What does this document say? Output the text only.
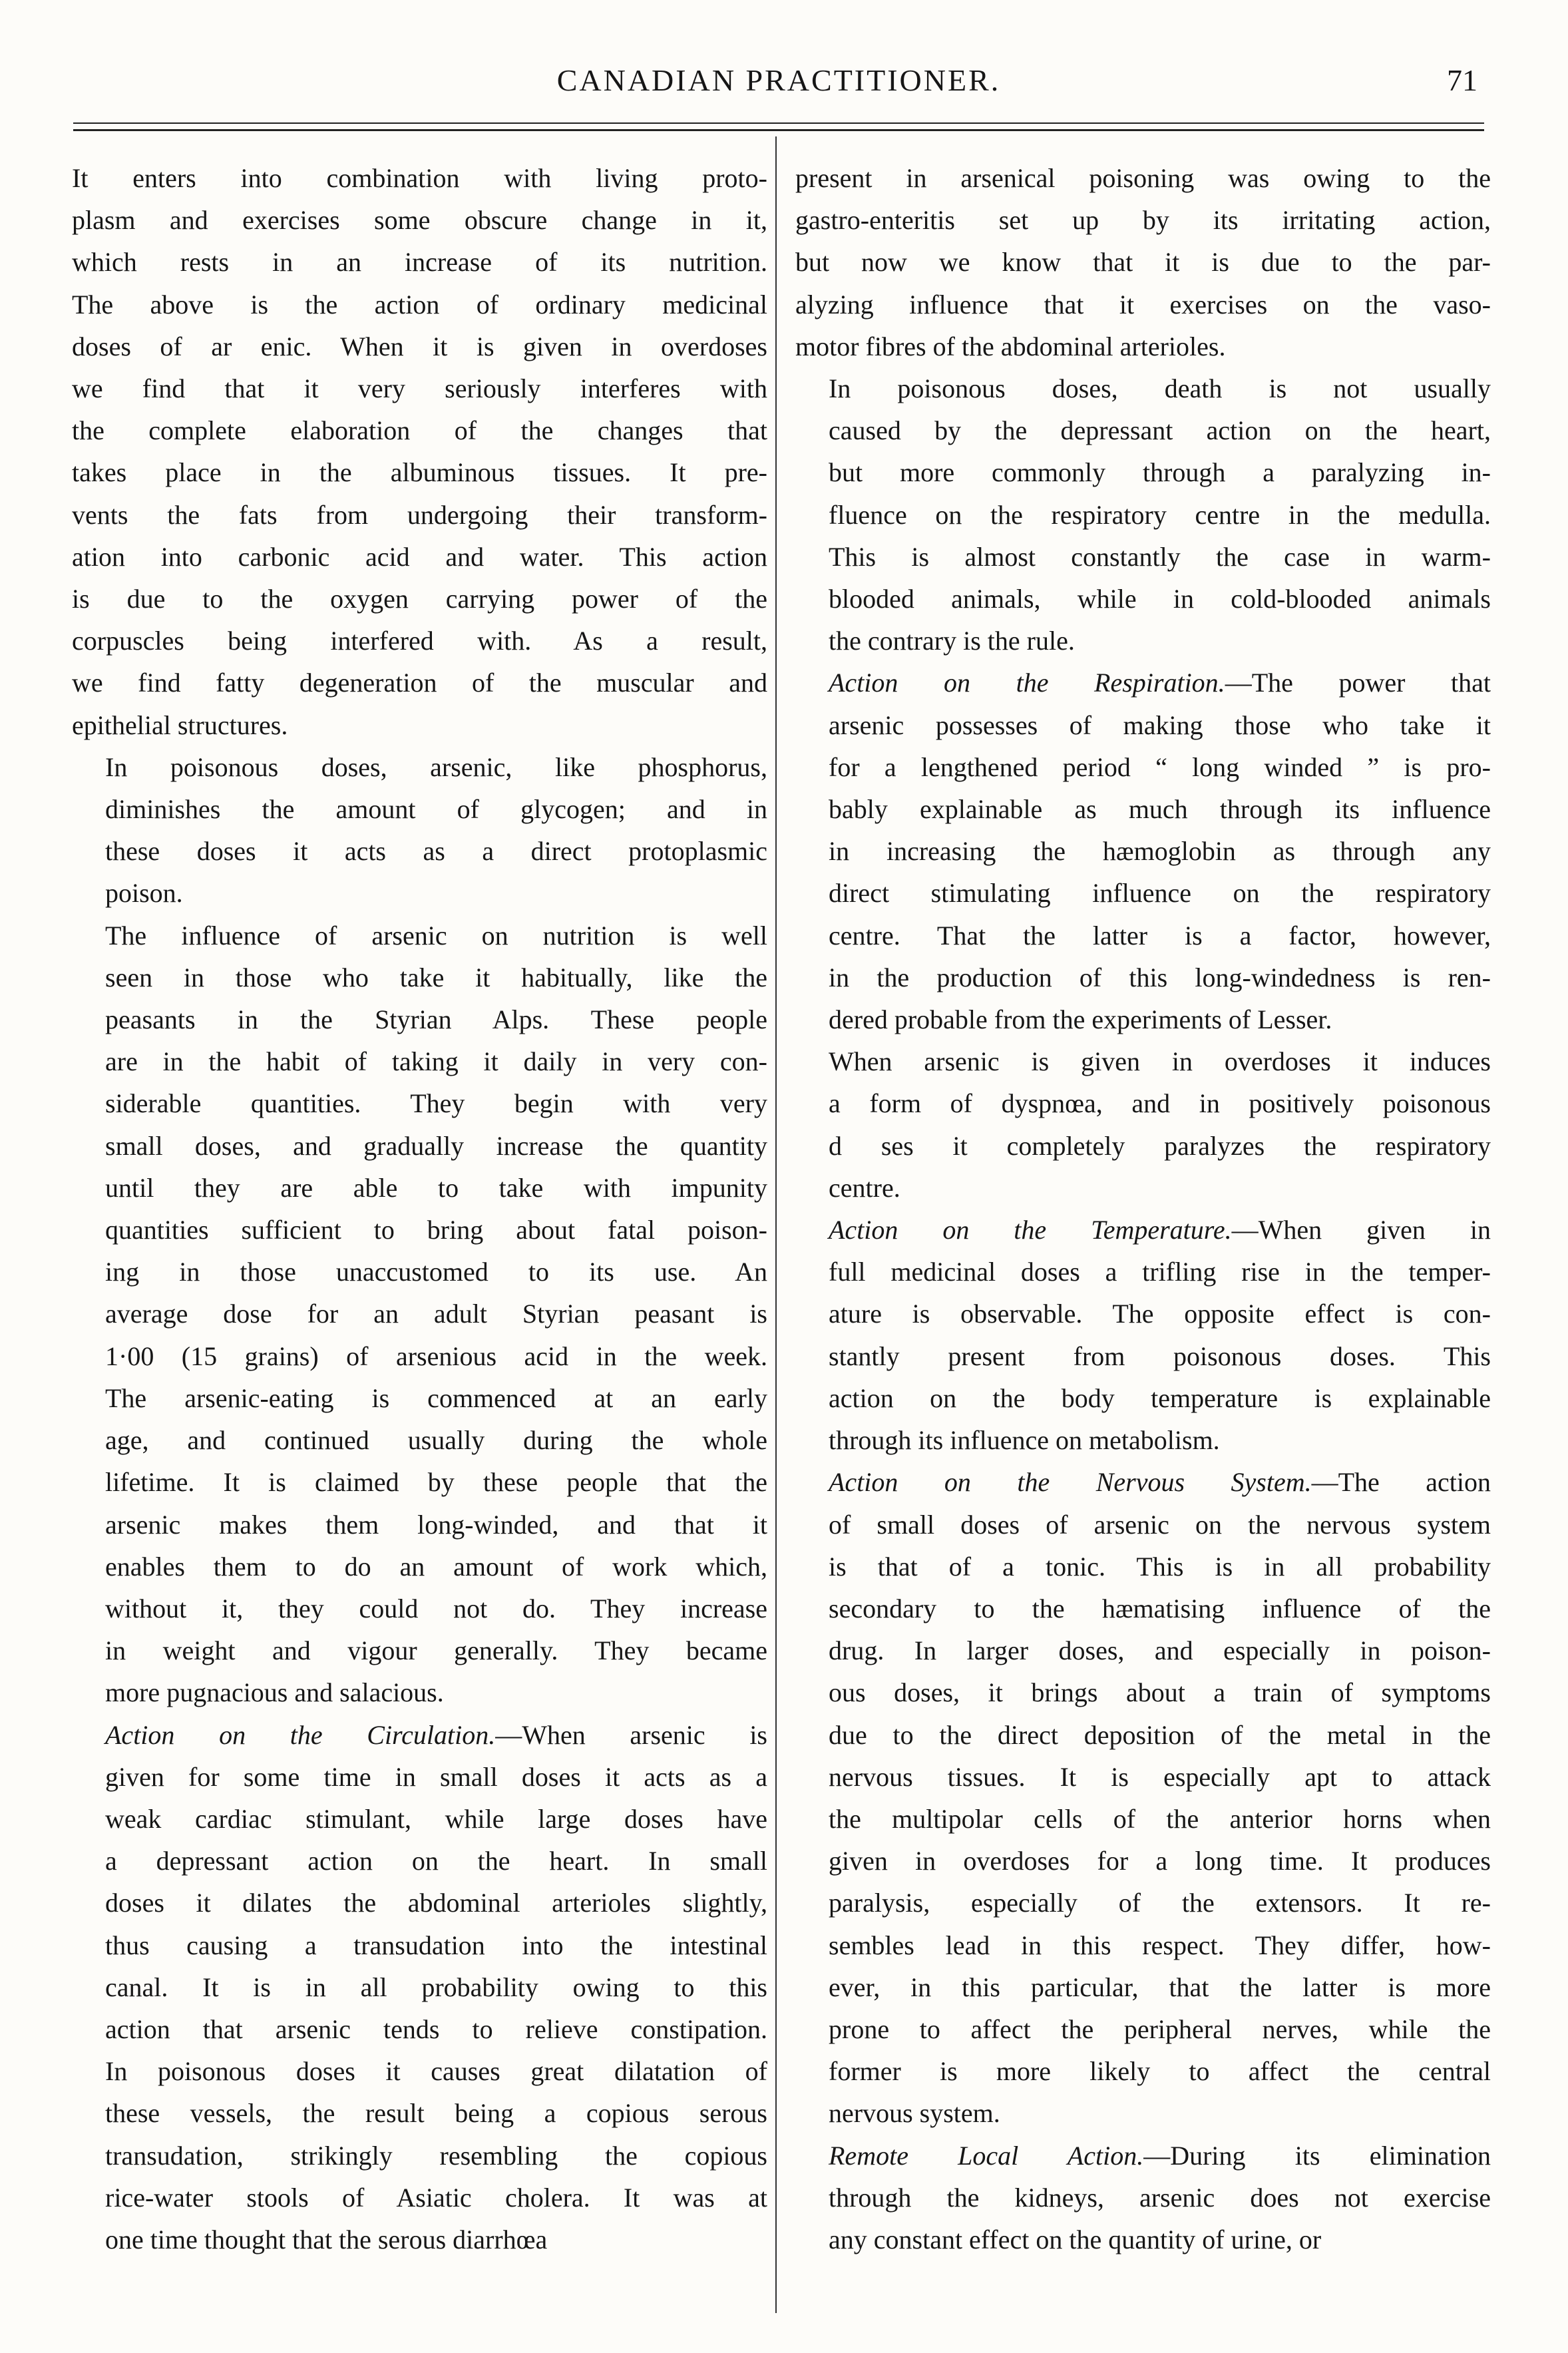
CANADIAN PRACTITIONER.	71

It enters into combination with living proto-
plasm and exercises some obscure change in it,
which rests in an increase of its nutrition.
The above is the action of ordinary medicinal
doses of ar enic. When it is given in overdoses
we find that it very seriously interferes with
the complete elaboration of the changes that
takes place in the albuminous tissues. It pre-
vents the fats from undergoing their transform-
ation into carbonic acid and water. This action
is due to the oxygen carrying power of the
corpuscles being interfered with. As a result,
we find fatty degeneration of the muscular and
epithelial structures.

In poisonous doses, arsenic, like phosphorus,
diminishes the amount of glycogen; and in
these doses it acts as a direct protoplasmic
poison.

The influence of arsenic on nutrition is well
seen in those who take it habitually, like the
peasants in the Styrian Alps. These people
are in the habit of taking it daily in very con-
siderable quantities. They begin with very
small doses, and gradually increase the quantity
until they are able to take with impunity
quantities sufficient to bring about fatal poison-
ing in those unaccustomed to its use. An
average dose for an adult Styrian peasant is
1·00 (15 grains) of arsenious acid in the week.
The arsenic-eating is commenced at an early
age, and continued usually during the whole
lifetime. It is claimed by these people that the
arsenic makes them long-winded, and that it
enables them to do an amount of work which,
without it, they could not do. They increase
in weight and vigour generally. They became
more pugnacious and salacious.

Action on the Circulation.—When arsenic is
given for some time in small doses it acts as a
weak cardiac stimulant, while large doses have
a depressant action on the heart. In small
doses it dilates the abdominal arterioles slightly,
thus causing a transudation into the intestinal
canal. It is in all probability owing to this
action that arsenic tends to relieve constipation.
In poisonous doses it causes great dilatation of
these vessels, the result being a copious serous
transudation, strikingly resembling the copious
rice-water stools of Asiatic cholera. It was at
one time thought that the serous diarrhœa

present in arsenical poisoning was owing to the
gastro-enteritis set up by its irritating action,
but now we know that it is due to the par-
alyzing influence that it exercises on the vaso-
motor fibres of the abdominal arterioles.

In poisonous doses, death is not usually
caused by the depressant action on the heart,
but more commonly through a paralyzing in-
fluence on the respiratory centre in the medulla.
This is almost constantly the case in warm-
blooded animals, while in cold-blooded animals
the contrary is the rule.

Action on the Respiration.—The power that
arsenic possesses of making those who take it
for a lengthened period “ long winded ” is pro-
bably explainable as much through its influence
in increasing the hæmoglobin as through any
direct stimulating influence on the respiratory
centre. That the latter is a factor, however,
in the production of this long-windedness is ren-
dered probable from the experiments of Lesser.

When arsenic is given in overdoses it induces
a form of dyspnœa, and in positively poisonous
d ses it completely paralyzes the respiratory
centre.

Action on the Temperature.—When given in
full medicinal doses a trifling rise in the temper-
ature is observable. The opposite effect is con-
stantly present from poisonous doses. This
action on the body temperature is explainable
through its influence on metabolism.

Action on the Nervous System.—The action
of small doses of arsenic on the nervous system
is that of a tonic. This is in all probability
secondary to the hæmatising influence of the
drug. In larger doses, and especially in poison-
ous doses, it brings about a train of symptoms
due to the direct deposition of the metal in the
nervous tissues. It is especially apt to attack
the multipolar cells of the anterior horns when
given in overdoses for a long time. It produces
paralysis, especially of the extensors. It re-
sembles lead in this respect. They differ, how-
ever, in this particular, that the latter is more
prone to affect the peripheral nerves, while the
former is more likely to affect the central
nervous system.

Remote Local Action.—During its elimination
through the kidneys, arsenic does not exercise
any constant effect on the quantity of urine, or
